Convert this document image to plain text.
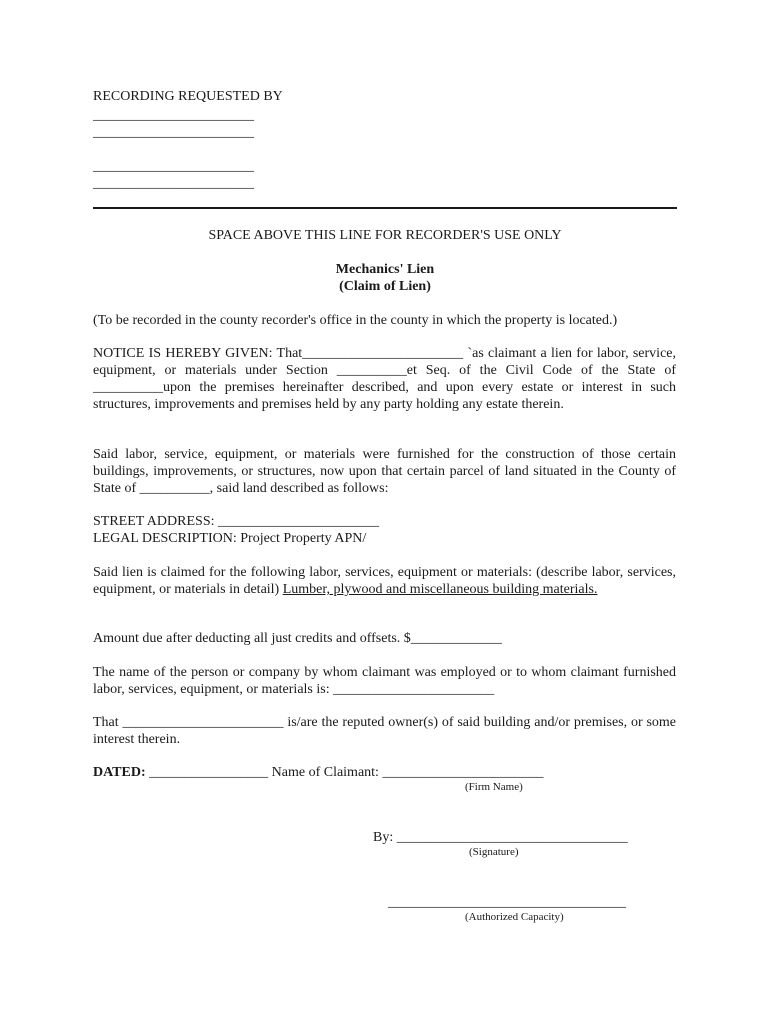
RECORDING REQUESTED BY
_______________________
_______________________
_______________________
_______________________
SPACE ABOVE THIS LINE FOR RECORDER'S USE ONLY
Mechanics' Lien
(Claim of Lien)
(To be recorded in the county recorder's office in the county in which the property is located.)
NOTICE IS HEREBY GIVEN: That_______________________ `as claimant a lien for labor, service, equipment, or materials under Section __________et Seq. of the Civil Code of the State of __________upon the premises hereinafter described, and upon every estate or interest in such structures, improvements and premises held by any party holding any estate therein.
Said labor, service, equipment, or materials were furnished for the construction of those certain buildings, improvements, or structures, now upon that certain parcel of land situated in the County of State of __________, said land described as follows:
STREET ADDRESS: _______________________
LEGAL DESCRIPTION: Project Property APN/
Said lien is claimed for the following labor, services, equipment or materials: (describe labor, services, equipment, or materials in detail) Lumber, plywood and miscellaneous building materials.
Amount due after deducting all just credits and offsets. $_____________
The name of the person or company by whom claimant was employed or to whom claimant furnished labor, services, equipment, or materials is: _______________________
That _______________________ is/are the reputed owner(s) of said building and/or premises, or some interest therein.
DATED: _________________ Name of Claimant: _______________________
(Firm Name)
By: _________________________________
(Signature)
__________________________________
(Authorized Capacity)
